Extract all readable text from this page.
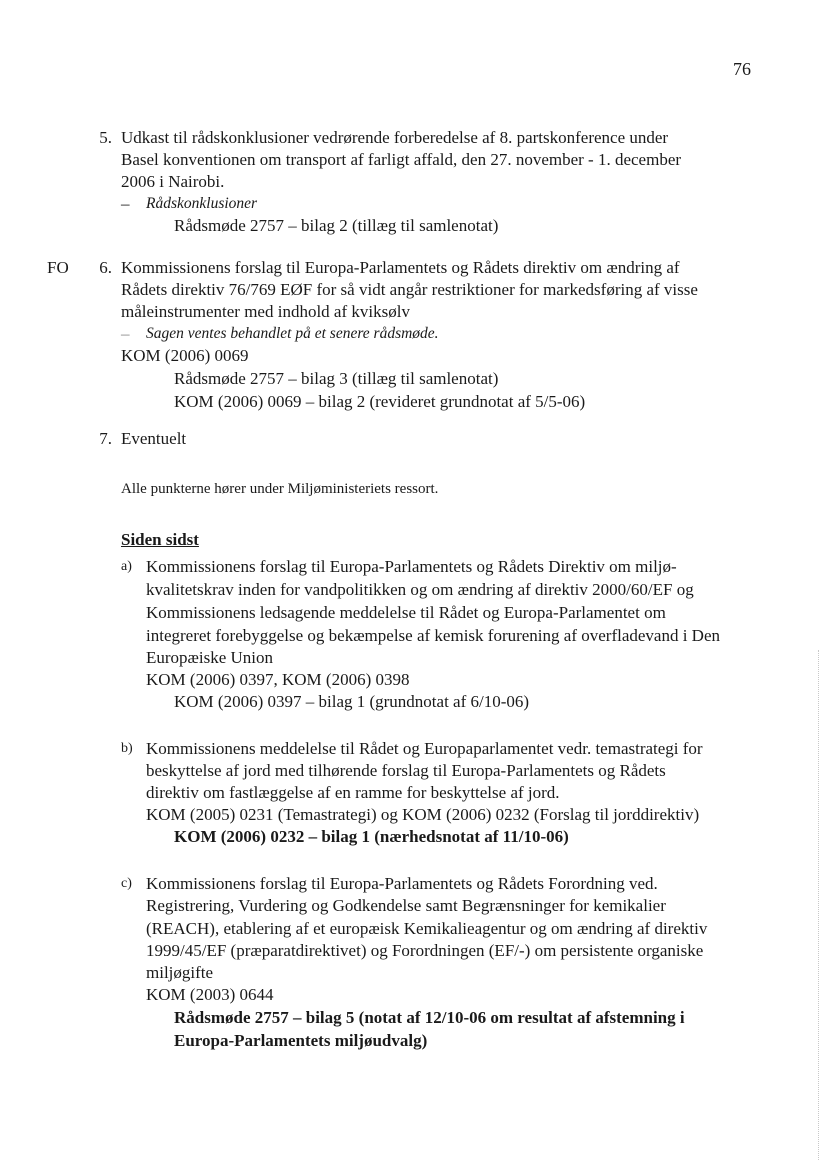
76
5. Udkast til rådskonklusioner vedrørende forberedelse af 8. partskonference under
Basel konventionen om transport af farligt affald, den 27. november - 1. december
2006 i Nairobi.
– Rådskonklusioner
Rådsmøde 2757 – bilag 2 (tillæg til samlenotat)
FO	6. Kommissionens forslag til Europa-Parlamentets og Rådets direktiv om ændring af
Rådets direktiv 76/769 EØF for så vidt angår restriktioner for markedsføring af visse
måleinstrumenter med indhold af kviksølv
– Sagen ventes behandlet på et senere rådsmøde.
KOM (2006) 0069
Rådsmøde 2757 – bilag 3 (tillæg til samlenotat)
KOM (2006) 0069 – bilag 2 (revideret grundnotat af 5/5-06)
7. Eventuelt
Alle punkterne hører under Miljøministeriets ressort.
Siden sidst
a) Kommissionens forslag til Europa-Parlamentets og Rådets Direktiv om miljø-
kvalitetskrav inden for vandpolitikken og om ændring af direktiv 2000/60/EF og
Kommissionens ledsagende meddelelse til Rådet og Europa-Parlamentet om
integreret forebyggelse og bekæmpelse af kemisk forurening af overfladevand i Den
Europæiske Union
KOM (2006) 0397, KOM (2006) 0398
KOM (2006) 0397 – bilag 1 (grundnotat af 6/10-06)
b) Kommissionens meddelelse til Rådet og Europaparlamentet vedr. temastrategi for
beskyttelse af jord med tilhørende forslag til Europa-Parlamentets og Rådets
direktiv om fastlæggelse af en ramme for beskyttelse af jord.
KOM (2005) 0231 (Temastrategi) og KOM (2006) 0232 (Forslag til jorddirektiv)
KOM (2006) 0232 – bilag 1 (nærhedsnotat af 11/10-06)
c) Kommissionens forslag til Europa-Parlamentets og Rådets Forordning ved.
Registrering, Vurdering og Godkendelse samt Begrænsninger for kemikalier
(REACH), etablering af et europæisk Kemikalieagentur og om ændring af direktiv
1999/45/EF (præparatdirektivet) og Forordningen (EF/-) om persistente organiske
miljøgifte
KOM (2003) 0644
Rådsmøde 2757 – bilag 5 (notat af 12/10-06 om resultat af afstemning i
Europa-Parlamentets miljøudvalg)
